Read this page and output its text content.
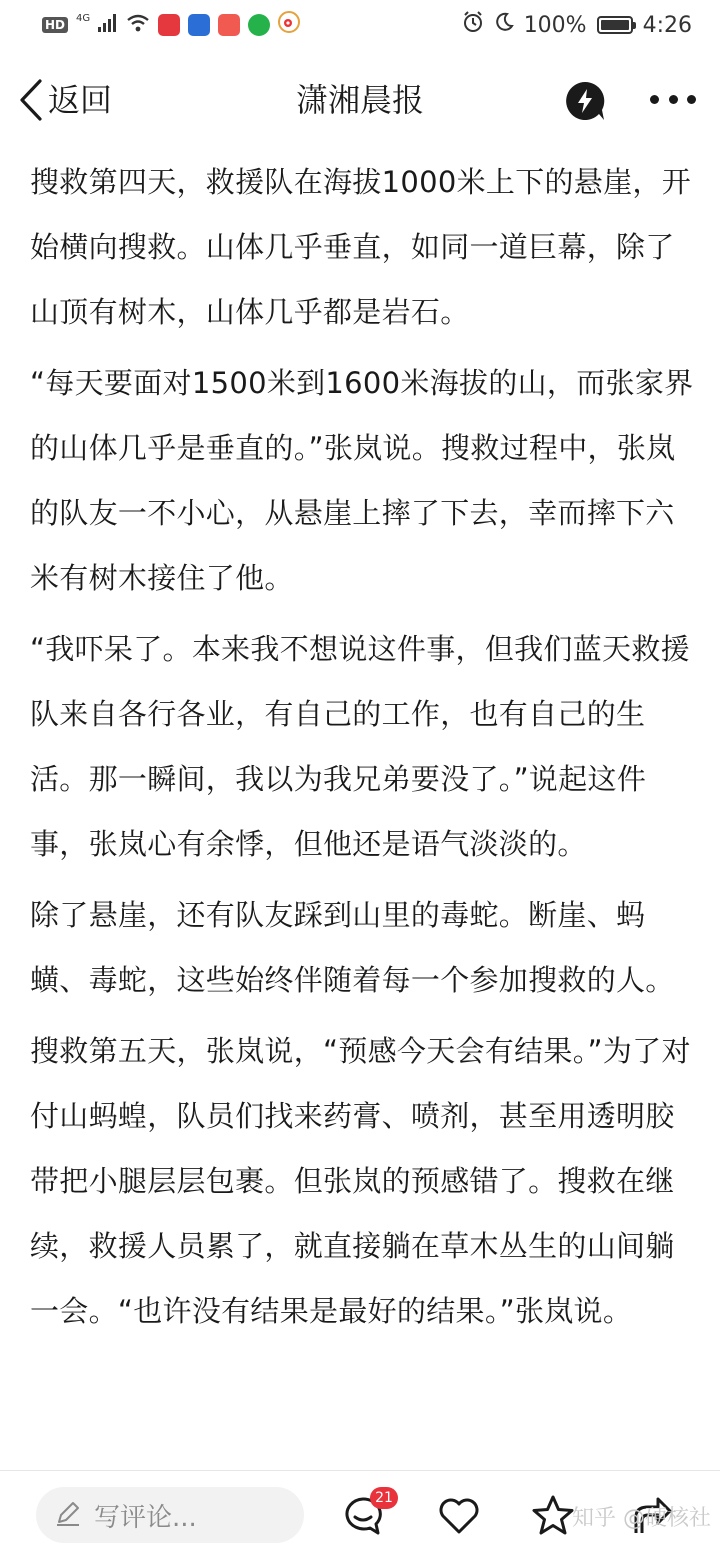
HD	4G	100%	4:26
返回	潇湘晨报

搜救第四天，救援队在海拔1000米上下的悬崖，开始横向搜救。山体几乎垂直，如同一道巨幕，除了山顶有树木，山体几乎都是岩石。

“每天要面对1500米到1600米海拔的山，而张家界的山体几乎是垂直的。”张岚说。搜救过程中，张岚的队友一不小心，从悬崖上摔了下去，幸而摔下六米有树木接住了他。

“我吓呆了。本来我不想说这件事，但我们蓝天救援队来自各行各业，有自己的工作，也有自己的生活。那一瞬间，我以为我兄弟要没了。”说起这件事，张岚心有余悸，但他还是语气淡淡的。

除了悬崖，还有队友踩到山里的毒蛇。断崖、蚂蟥、毒蛇，这些始终伴随着每一个参加搜救的人。

搜救第五天，张岚说，“预感今天会有结果。”为了对付山蚂蝗，队员们找来药膏、喷剂，甚至用透明胶带把小腿层层包裹。但张岚的预感错了。搜救在继续，救援人员累了，就直接躺在草木丛生的山间躺一会。“也许没有结果是最好的结果。”张岚说。

写评论...
21
知乎 @硬核社
